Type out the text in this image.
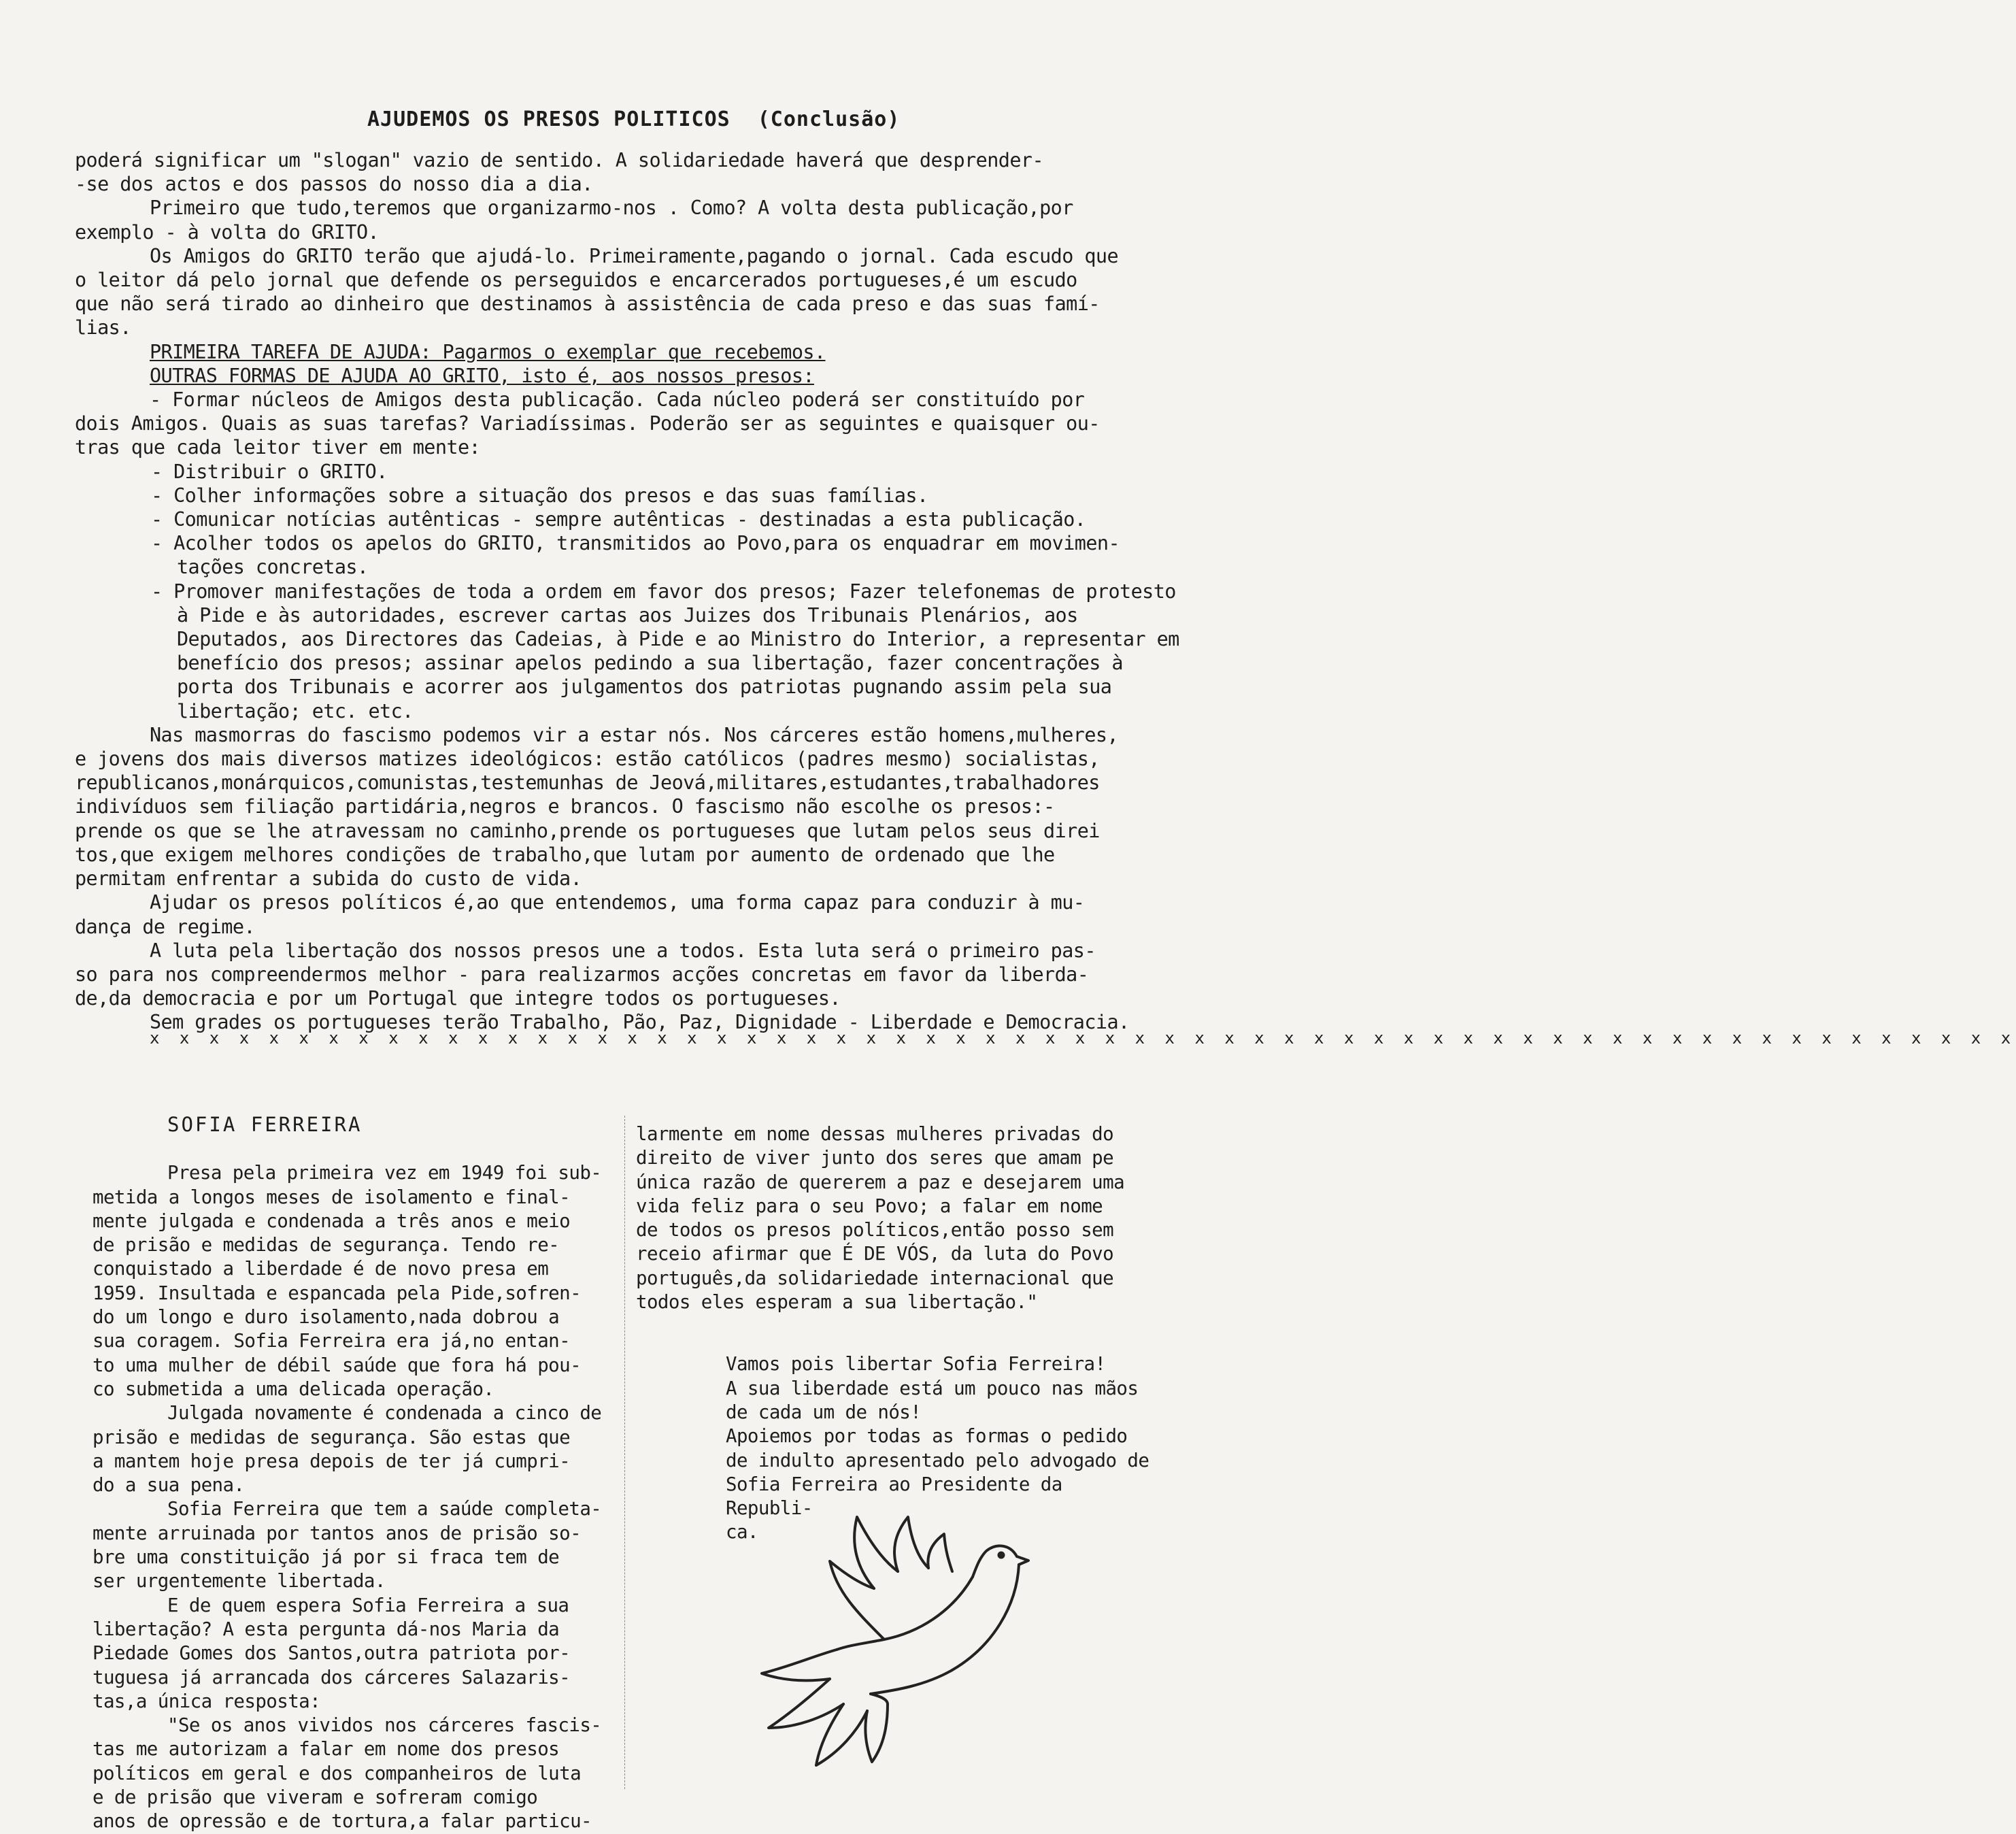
AJUDEMOS OS PRESOS POLITICOS (Conclusão)

poderá significar um "slogan" vazio de sentido. A solidariedade haverá que desprender-

-se dos actos e dos passos do nosso dia a dia.

Primeiro que tudo,teremos que organizarmo-nos . Como? A volta desta publicação,por

exemplo - à volta do GRITO.

Os Amigos do GRITO terão que ajudá-lo. Primeiramente,pagando o jornal. Cada escudo que

o leitor dá pelo jornal que defende os perseguidos e encarcerados portugueses,é um escudo

que não será tirado ao dinheiro que destinamos à assistência de cada preso e das suas famí-

lias.

PRIMEIRA TAREFA DE AJUDA: Pagarmos o exemplar que recebemos.

OUTRAS FORMAS DE AJUDA AO GRITO, isto é, aos nossos presos:

- Formar núcleos de Amigos desta publicação. Cada núcleo poderá ser constituído por

dois Amigos. Quais as suas tarefas? Variadíssimas. Poderão ser as seguintes e quaisquer ou-

tras que cada leitor tiver em mente:

- Distribuir o GRITO.

- Colher informações sobre a situação dos presos e das suas famílias.

- Comunicar notícias autênticas - sempre autênticas - destinadas a esta publicação.

- Acolher todos os apelos do GRITO, transmitidos ao Povo,para os enquadrar em movimen- tações concretas.

- Promover manifestações de toda a ordem em favor dos presos; Fazer telefonemas de protesto à Pide e às autoridades, escrever cartas aos Juizes dos Tribunais Plenários, aos Deputados, aos Directores das Cadeias, à Pide e ao Ministro do Interior, a representar em benefício dos presos; assinar apelos pedindo a sua libertação, fazer concentrações à porta dos Tribunais e acorrer aos julgamentos dos patriotas pugnando assim pela sua libertação; etc. etc.

Nas masmorras do fascismo podemos vir a estar nós. Nos cárceres estão homens,mulheres,

e jovens dos mais diversos matizes ideológicos: estão católicos (padres mesmo) socialistas,

republicanos,monárquicos,comunistas,testemunhas de Jeová,militares,estudantes,trabalhadores

indivíduos sem filiação partidária,negros e brancos. O fascismo não escolhe os presos:-

prende os que se lhe atravessam no caminho,prende os portugueses que lutam pelos seus direi

tos,que exigem melhores condições de trabalho,que lutam por aumento de ordenado que lhe

permitam enfrentar a subida do custo de vida.

Ajudar os presos políticos é,ao que entendemos, uma forma capaz para conduzir à mu-

dança de regime.

A luta pela libertação dos nossos presos une a todos. Esta luta será o primeiro pas-

so para nos compreendermos melhor - para realizarmos acções concretas em favor da liberda-

de,da democracia e por um Portugal que integre todos os portugueses.

Sem grades os portugueses terão Trabalho, Pão, Paz, Dignidade - Liberdade e Democracia.

x x x x x x x x x x x x x x x x x x x x x x x x x x x x x x x x x x x x x x x x x x x x x x x x x x x x x x x x x x x x x x x

SOFIA FERREIRA

Presa pela primeira vez em 1949 foi sub-

metida a longos meses de isolamento e final-

mente julgada e condenada a três anos e meio

de prisão e medidas de segurança. Tendo re-

conquistado a liberdade é de novo presa em

1959. Insultada e espancada pela Pide,sofren-

do um longo e duro isolamento,nada dobrou a

sua coragem. Sofia Ferreira era já,no entan-

to uma mulher de débil saúde que fora há pou-

co submetida a uma delicada operação.

Julgada novamente é condenada a cinco de

prisão e medidas de segurança. São estas que

a mantem hoje presa depois de ter já cumpri-

do a sua pena.

Sofia Ferreira que tem a saúde completa-

mente arruinada por tantos anos de prisão so-

bre uma constituição já por si fraca tem de

ser urgentemente libertada.

E de quem espera Sofia Ferreira a sua

libertação? A esta pergunta dá-nos Maria da

Piedade Gomes dos Santos,outra patriota por-

tuguesa já arrancada dos cárceres Salazaris-

tas,a única resposta:

"Se os anos vividos nos cárceres fascis-

tas me autorizam a falar em nome dos presos

políticos em geral e dos companheiros de luta

e de prisão que viveram e sofreram comigo

anos de opressão e de tortura,a falar particu-

larmente em nome dessas mulheres privadas do

direito de viver junto dos seres que amam pe

única razão de quererem a paz e desejarem uma

vida feliz para o seu Povo; a falar em nome

de todos os presos políticos,então posso sem

receio afirmar que É DE VÓS, da luta do Povo

português,da solidariedade internacional que

todos eles esperam a sua libertação."

Vamos pois libertar Sofia Ferreira!

A sua liberdade está um pouco nas mãos

de cada um de nós!

Apoiemos por todas as formas o pedido

de indulto apresentado pelo advogado de

Sofia Ferreira ao Presidente da Republi-

ca.
